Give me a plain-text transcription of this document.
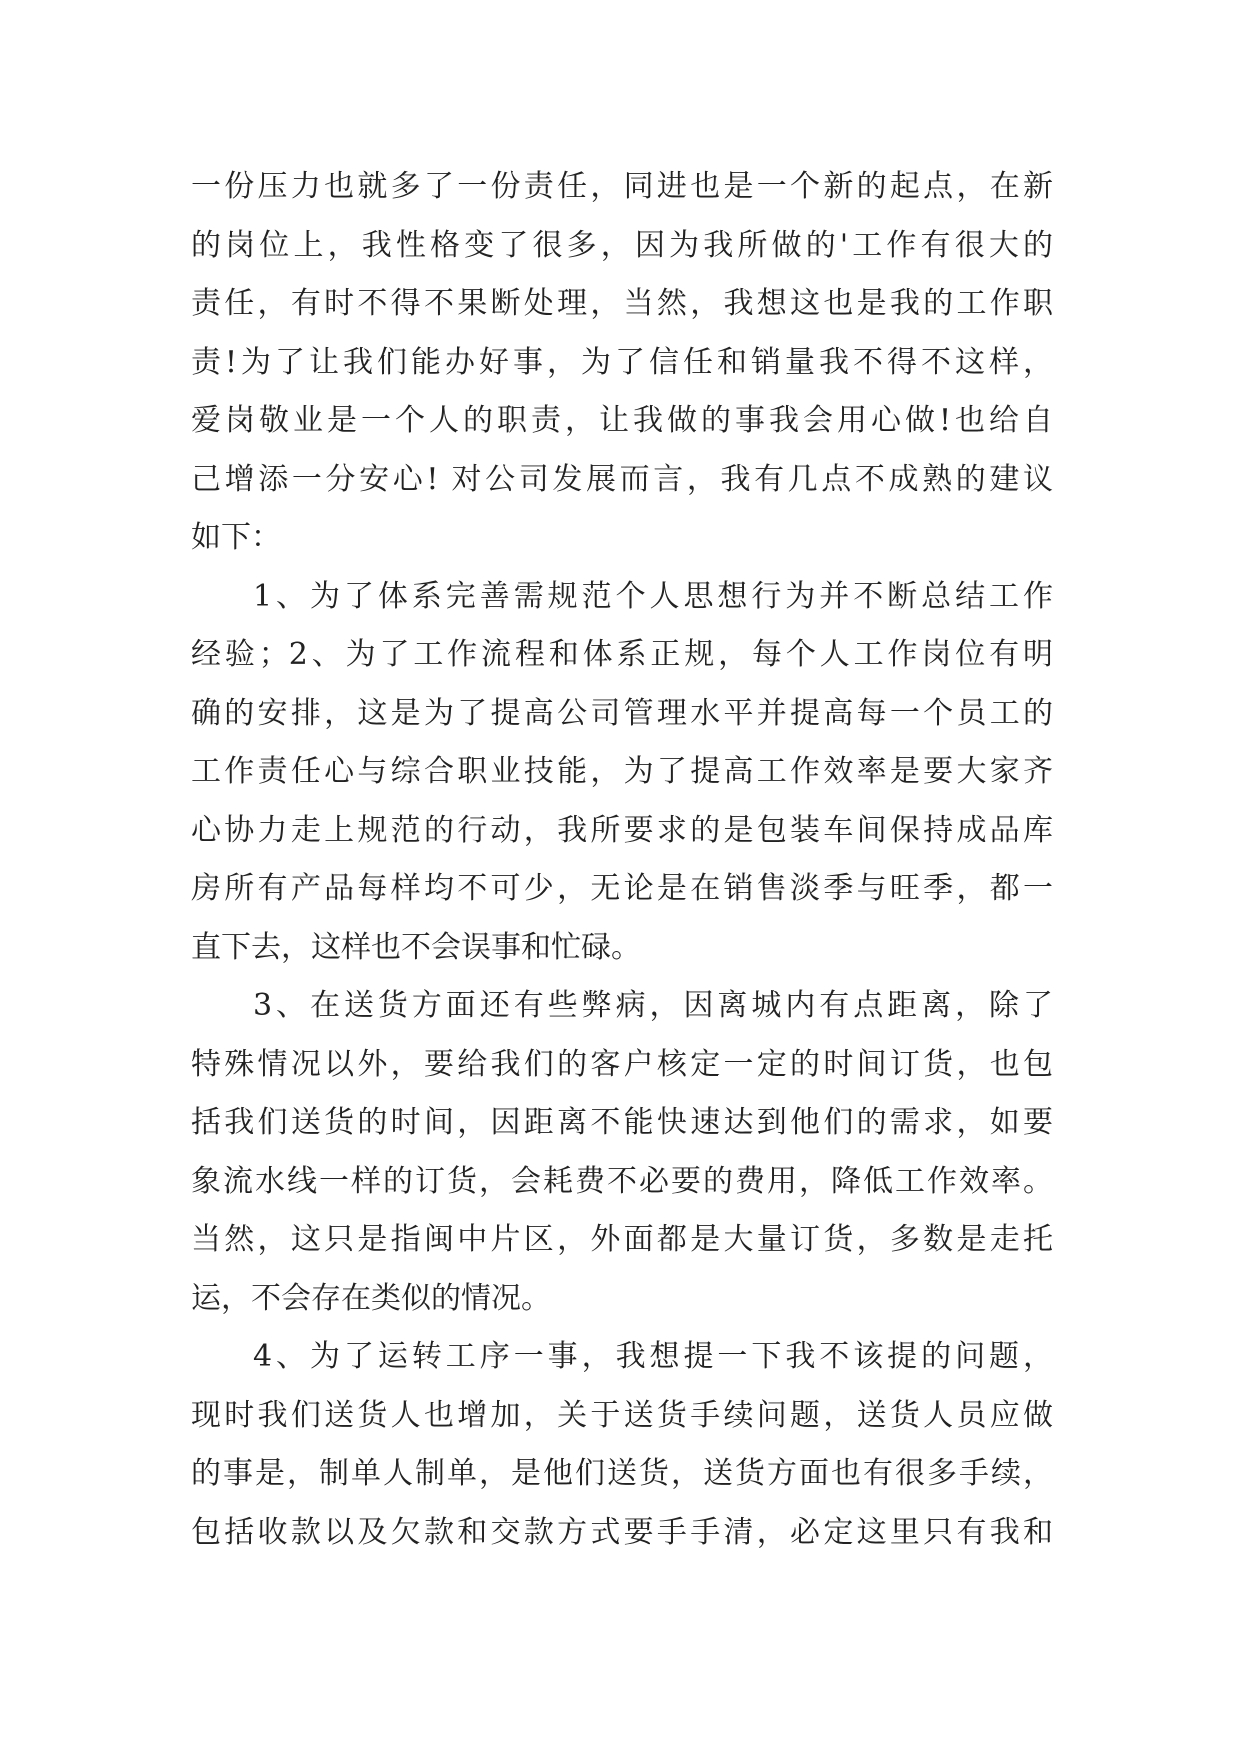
一份压力也就多了一份责任，同进也是一个新的起点，在新
的岗位上，我性格变了很多，因为我所做的'工作有很大的
责任，有时不得不果断处理，当然，我想这也是我的工作职
责!为了让我们能办好事，为了信任和销量我不得不这样，
爱岗敬业是一个人的职责，让我做的事我会用心做!也给自
己增添一分安心! 对公司发展而言，我有几点不成熟的建议
如下：
1、为了体系完善需规范个人思想行为并不断总结工作
经验；2、为了工作流程和体系正规，每个人工作岗位有明
确的安排，这是为了提高公司管理水平并提高每一个员工的
工作责任心与综合职业技能，为了提高工作效率是要大家齐
心协力走上规范的行动，我所要求的是包装车间保持成品库
房所有产品每样均不可少，无论是在销售淡季与旺季，都一
直下去，这样也不会误事和忙碌。
3、在送货方面还有些弊病，因离城内有点距离，除了
特殊情况以外，要给我们的客户核定一定的时间订货，也包
括我们送货的时间，因距离不能快速达到他们的需求，如要
象流水线一样的订货，会耗费不必要的费用，降低工作效率。
当然，这只是指闽中片区，外面都是大量订货，多数是走托
运，不会存在类似的情况。
4、为了运转工序一事，我想提一下我不该提的问题，
现时我们送货人也增加，关于送货手续问题，送货人员应做
的事是，制单人制单，是他们送货，送货方面也有很多手续，
包括收款以及欠款和交款方式要手手清，必定这里只有我和
